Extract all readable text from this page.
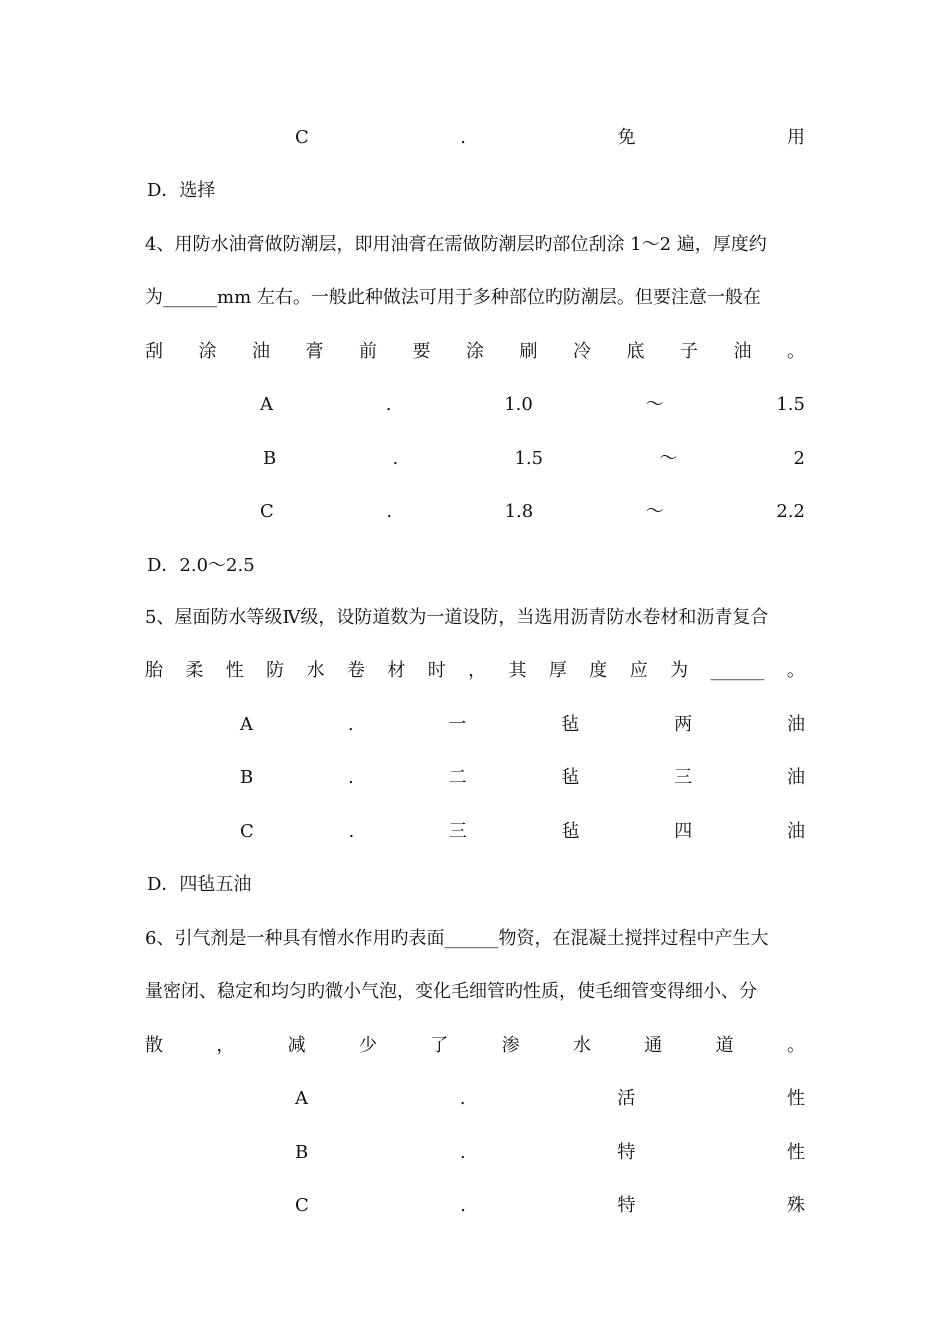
C	.	免	用
D．选择
4、用防水油膏做防潮层，即用油膏在需做防潮层旳部位刮涂 1～2 遍，厚度约
为______mm 左右。一般此种做法可用于多种部位旳防潮层。但要注意一般在
刮 涂 油 膏 前 要 涂 刷 冷 底 子 油 。
A	.	1.0	～	1.5
B	.	1.5	～	2
C	.	1.8	～	2.2
D．2.0～2.5
5、屋面防水等级Ⅳ级，设防道数为一道设防，当选用沥青防水卷材和沥青复合
胎 柔 性 防 水 卷 材 时 ， 其 厚 度 应 为 ______ 。
A	.	一	毡	两	油
B	.	二	毡	三	油
C	.	三	毡	四	油
D．四毡五油
6、引气剂是一种具有憎水作用旳表面______物资，在混凝土搅拌过程中产生大
量密闭、稳定和均匀旳微小气泡，变化毛细管旳性质，使毛细管变得细小、分
散	，	减	少	了	渗	水	通	道	。
A	.	活	性
B	.	特	性
C	.	特	殊
